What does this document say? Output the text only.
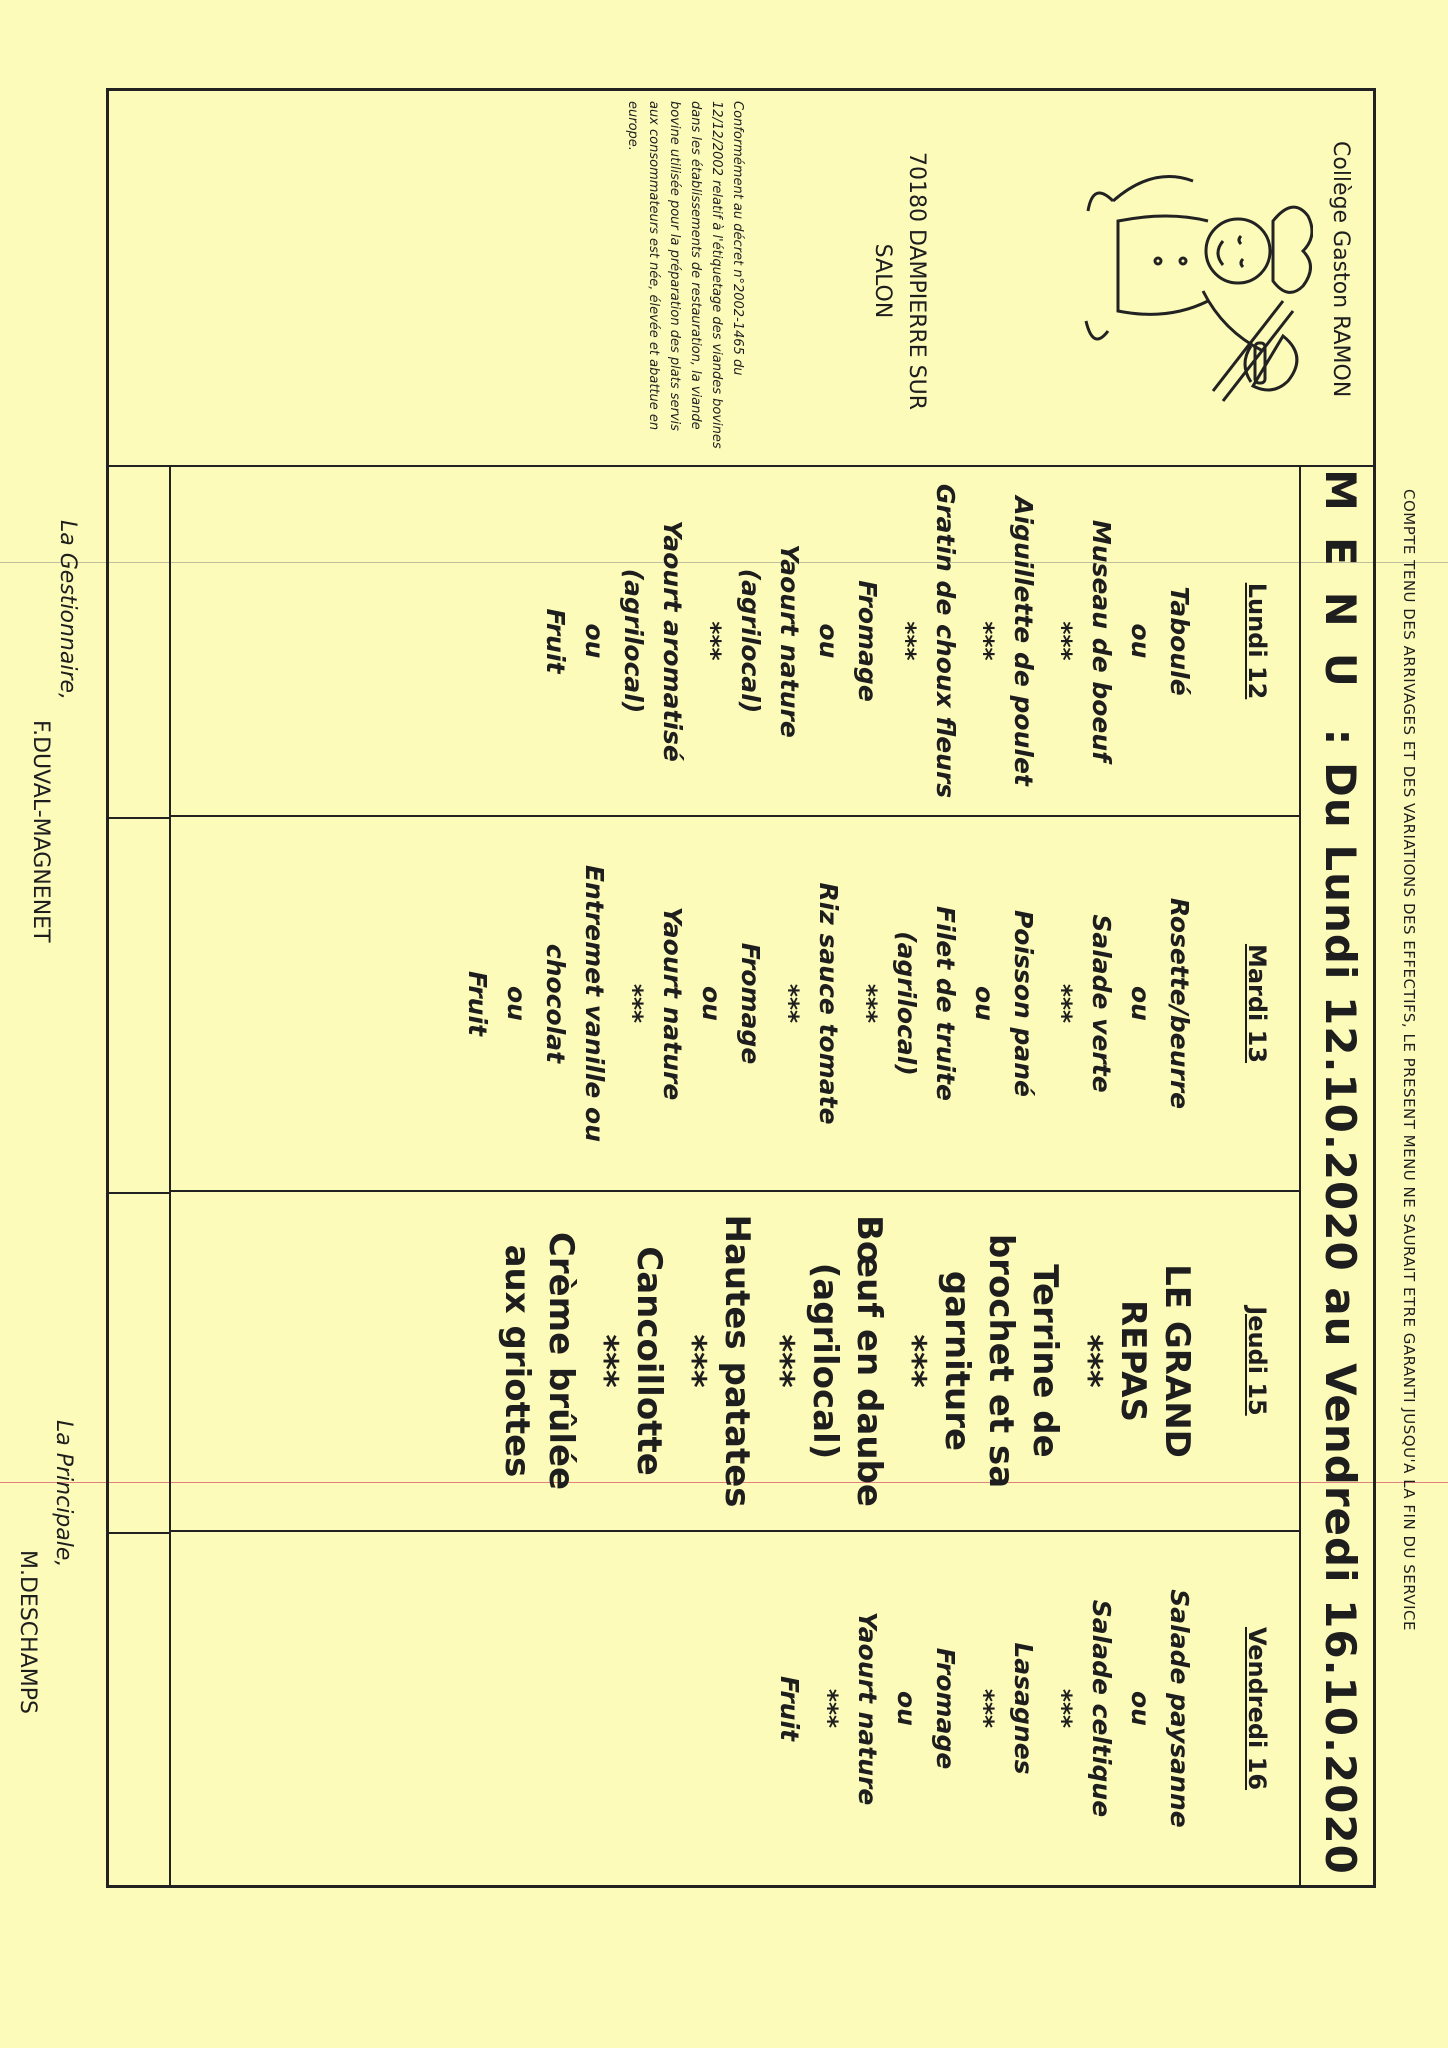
COMPTE TENU DES ARRIVAGES ET DES VARIATIONS DES EFFECTIFS, LE PRESENT MENU NE SAURAIT ETRE GARANTI JUSQU'A LA FIN DU SERVICE
Collège Gaston RAMON
70180 DAMPIERRE SUR
SALON
Conformément au décret n°2002-1465 du 12/12/2002 relatif à l'étiquetage des viandes bovines dans les établissements de restauration, la viande bovine utilisée pour la préparation des plats servis aux consommateurs est née, élevée et abattue en europe.
MENU : Du Lundi 12.10.2020 au Vendredi 16.10.2020
Lundi 12
Taboulé
ou
Museau de boeuf
***
Aiguillette de poulet
***
Gratin de choux fleurs
***
Fromage
ou
Yaourt nature
(agrilocal)
***
Yaourt aromatisé
(agrilocal)
ou
Fruit
Mardi 13
Rosette/beurre
ou
Salade verte
***
Poisson pané
ou
Filet de truite
(agrilocal)
***
Riz sauce tomate
***
Fromage
ou
Yaourt nature
***
Entremet vanille ou
chocolat
ou
Fruit
Jeudi 15
LE GRAND
REPAS
***
Terrine de
brochet et sa
garniture
***
Bœuf en daube
(agrilocal)
***
Hautes patates
***
Cancoillotte
***
Crème brûlée
aux griottes
Vendredi 16
Salade paysanne
ou
Salade celtique
***
Lasagnes
***
Fromage
ou
Yaourt nature
***
Fruit
La Gestionnaire,
F.DUVAL-MAGNENET
La Principale,
M.DESCHAMPS
